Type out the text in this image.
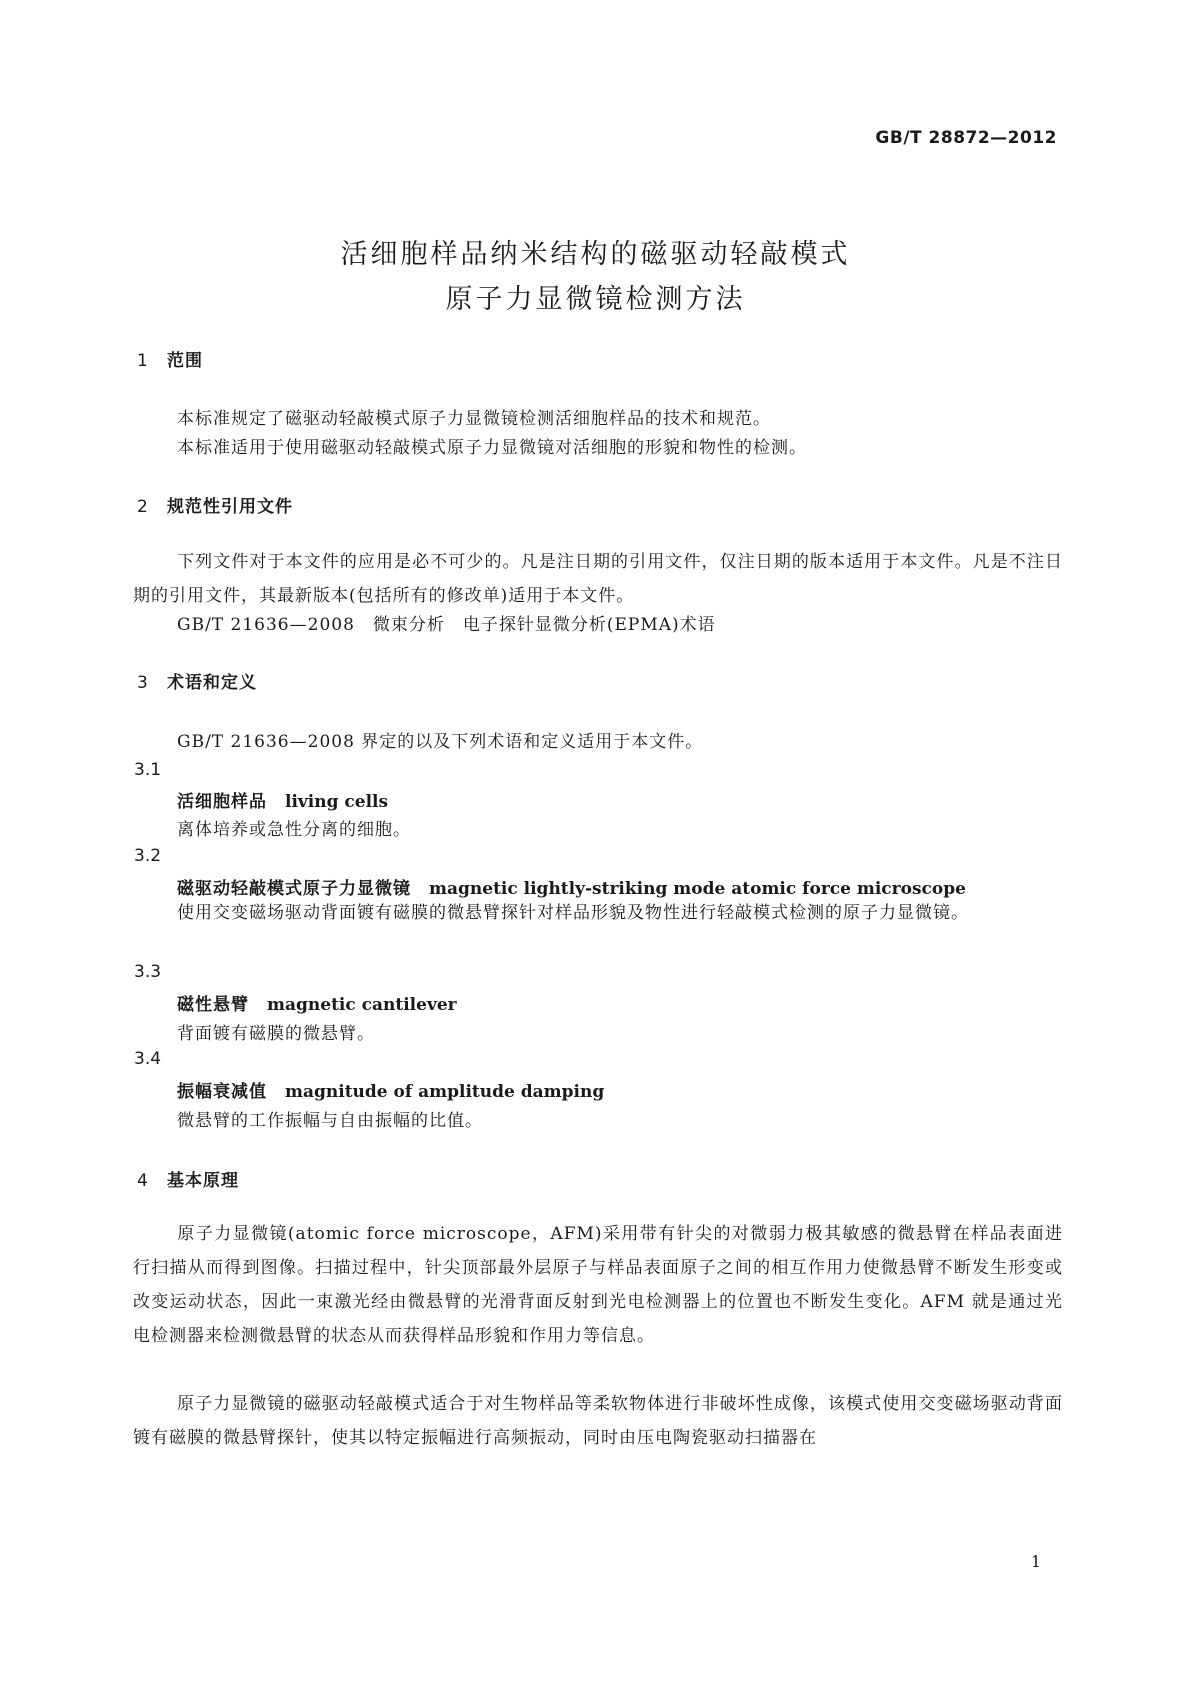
GB/T 28872—2012
活细胞样品纳米结构的磁驱动轻敲模式
原子力显微镜检测方法
1 范围
本标准规定了磁驱动轻敲模式原子力显微镜检测活细胞样品的技术和规范。
本标准适用于使用磁驱动轻敲模式原子力显微镜对活细胞的形貌和物性的检测。
2 规范性引用文件
下列文件对于本文件的应用是必不可少的。凡是注日期的引用文件，仅注日期的版本适用于本文件。凡是不注日期的引用文件，其最新版本(包括所有的修改单)适用于本文件。
GB/T 21636—2008　微束分析　电子探针显微分析(EPMA)术语
3 术语和定义
GB/T 21636—2008 界定的以及下列术语和定义适用于本文件。
3.1
活细胞样品 living cells
离体培养或急性分离的细胞。
3.2
磁驱动轻敲模式原子力显微镜 magnetic lightly-striking mode atomic force microscope
使用交变磁场驱动背面镀有磁膜的微悬臂探针对样品形貌及物性进行轻敲模式检测的原子力显微镜。
3.3
磁性悬臂 magnetic cantilever
背面镀有磁膜的微悬臂。
3.4
振幅衰减值 magnitude of amplitude damping
微悬臂的工作振幅与自由振幅的比值。
4 基本原理
原子力显微镜(atomic force microscope，AFM)采用带有针尖的对微弱力极其敏感的微悬臂在样品表面进行扫描从而得到图像。扫描过程中，针尖顶部最外层原子与样品表面原子之间的相互作用力使微悬臂不断发生形变或改变运动状态，因此一束激光经由微悬臂的光滑背面反射到光电检测器上的位置也不断发生变化。AFM 就是通过光电检测器来检测微悬臂的状态从而获得样品形貌和作用力等信息。
原子力显微镜的磁驱动轻敲模式适合于对生物样品等柔软物体进行非破坏性成像，该模式使用交变磁场驱动背面镀有磁膜的微悬臂探针，使其以特定振幅进行高频振动，同时由压电陶瓷驱动扫描器在
1
